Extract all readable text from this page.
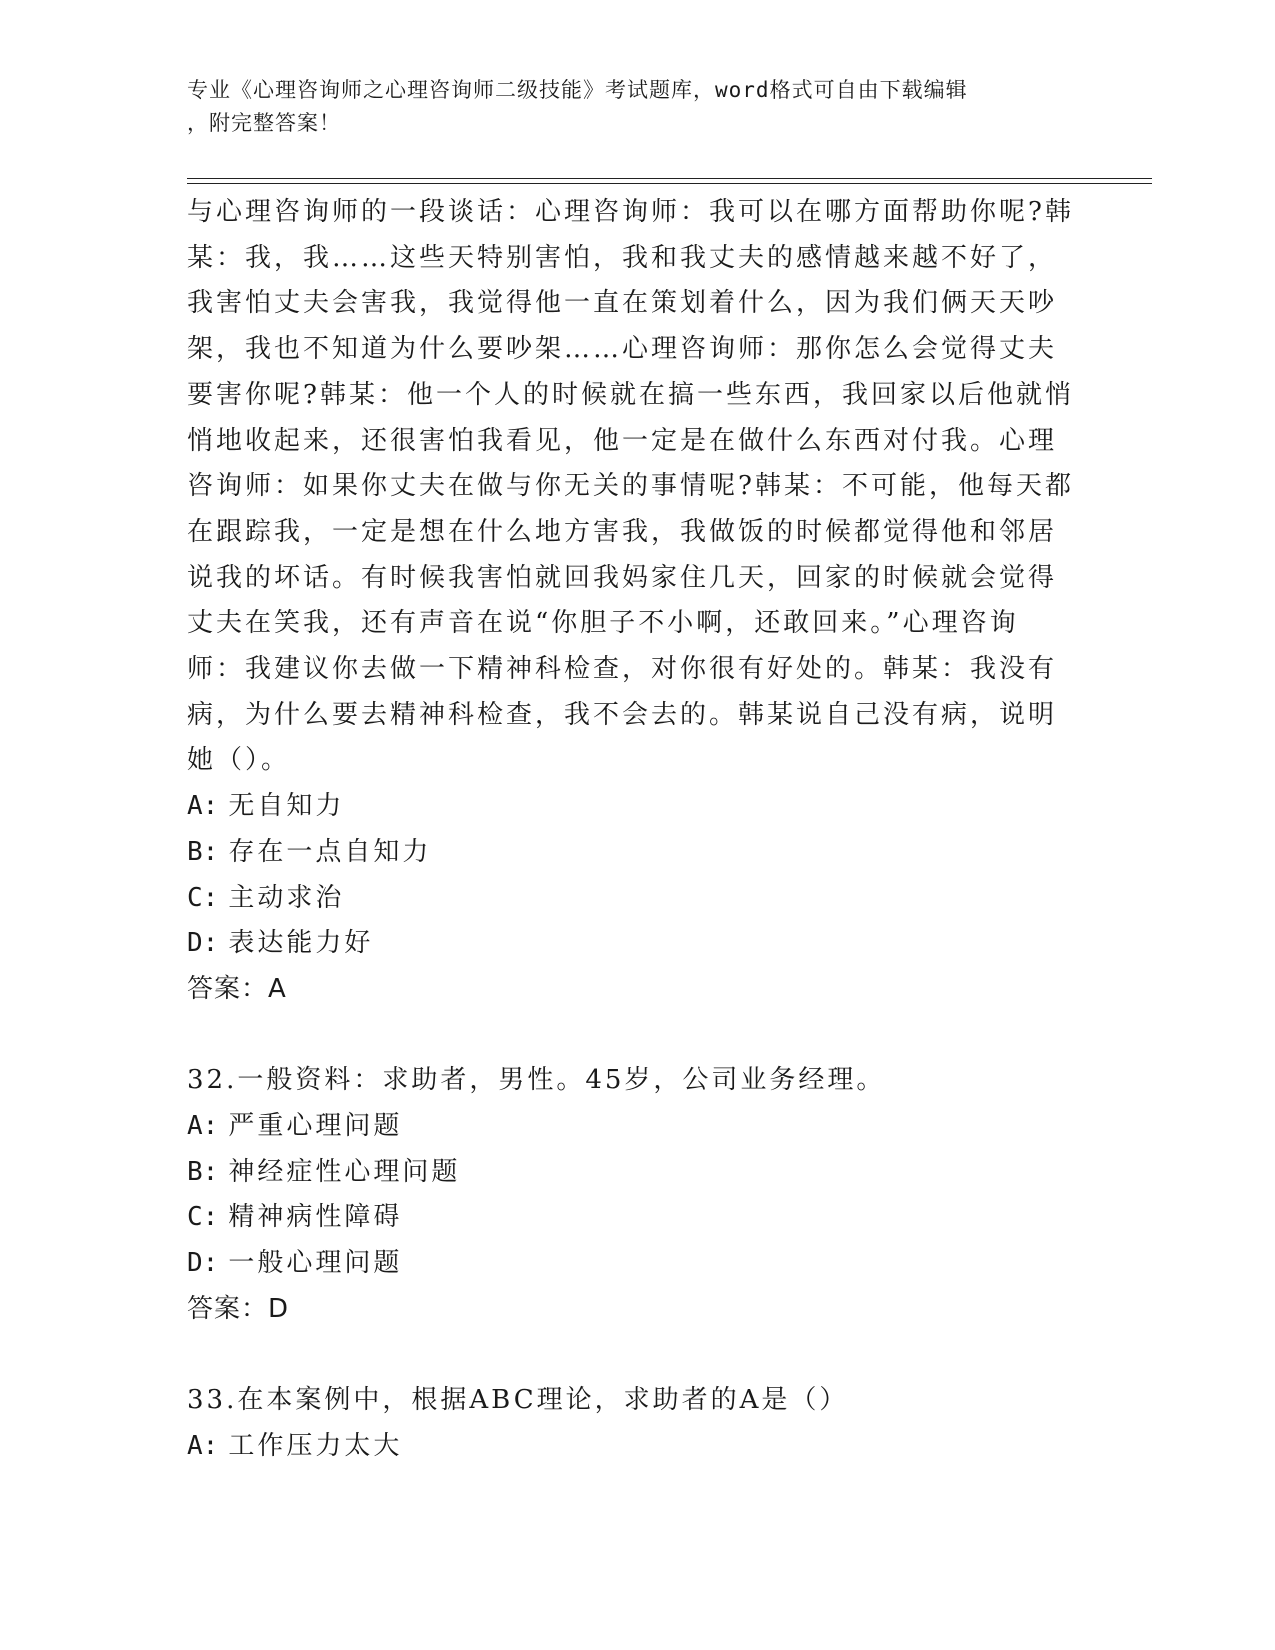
专业《心理咨询师之心理咨询师二级技能》考试题库，word格式可自由下载编辑
，附完整答案！
与心理咨询师的一段谈话：心理咨询师：我可以在哪方面帮助你呢?韩
某：我，我……这些天特别害怕，我和我丈夫的感情越来越不好了，
我害怕丈夫会害我，我觉得他一直在策划着什么，因为我们俩天天吵
架，我也不知道为什么要吵架……心理咨询师：那你怎么会觉得丈夫
要害你呢?韩某：他一个人的时候就在搞一些东西，我回家以后他就悄
悄地收起来，还很害怕我看见，他一定是在做什么东西对付我。心理
咨询师：如果你丈夫在做与你无关的事情呢?韩某：不可能，他每天都
在跟踪我，一定是想在什么地方害我，我做饭的时候都觉得他和邻居
说我的坏话。有时候我害怕就回我妈家住几天，回家的时候就会觉得
丈夫在笑我，还有声音在说“你胆子不小啊，还敢回来。”心理咨询
师：我建议你去做一下精神科检查，对你很有好处的。韩某：我没有
病，为什么要去精神科检查，我不会去的。韩某说自己没有病，说明
她（）。
A: 无自知力
B: 存在一点自知力
C: 主动求治
D: 表达能力好
答案：A
32.一般资料：求助者，男性。45岁，公司业务经理。
A: 严重心理问题
B: 神经症性心理问题
C: 精神病性障碍
D: 一般心理问题
答案：D
33.在本案例中，根据ABC理论，求助者的A是（）
A: 工作压力太大
